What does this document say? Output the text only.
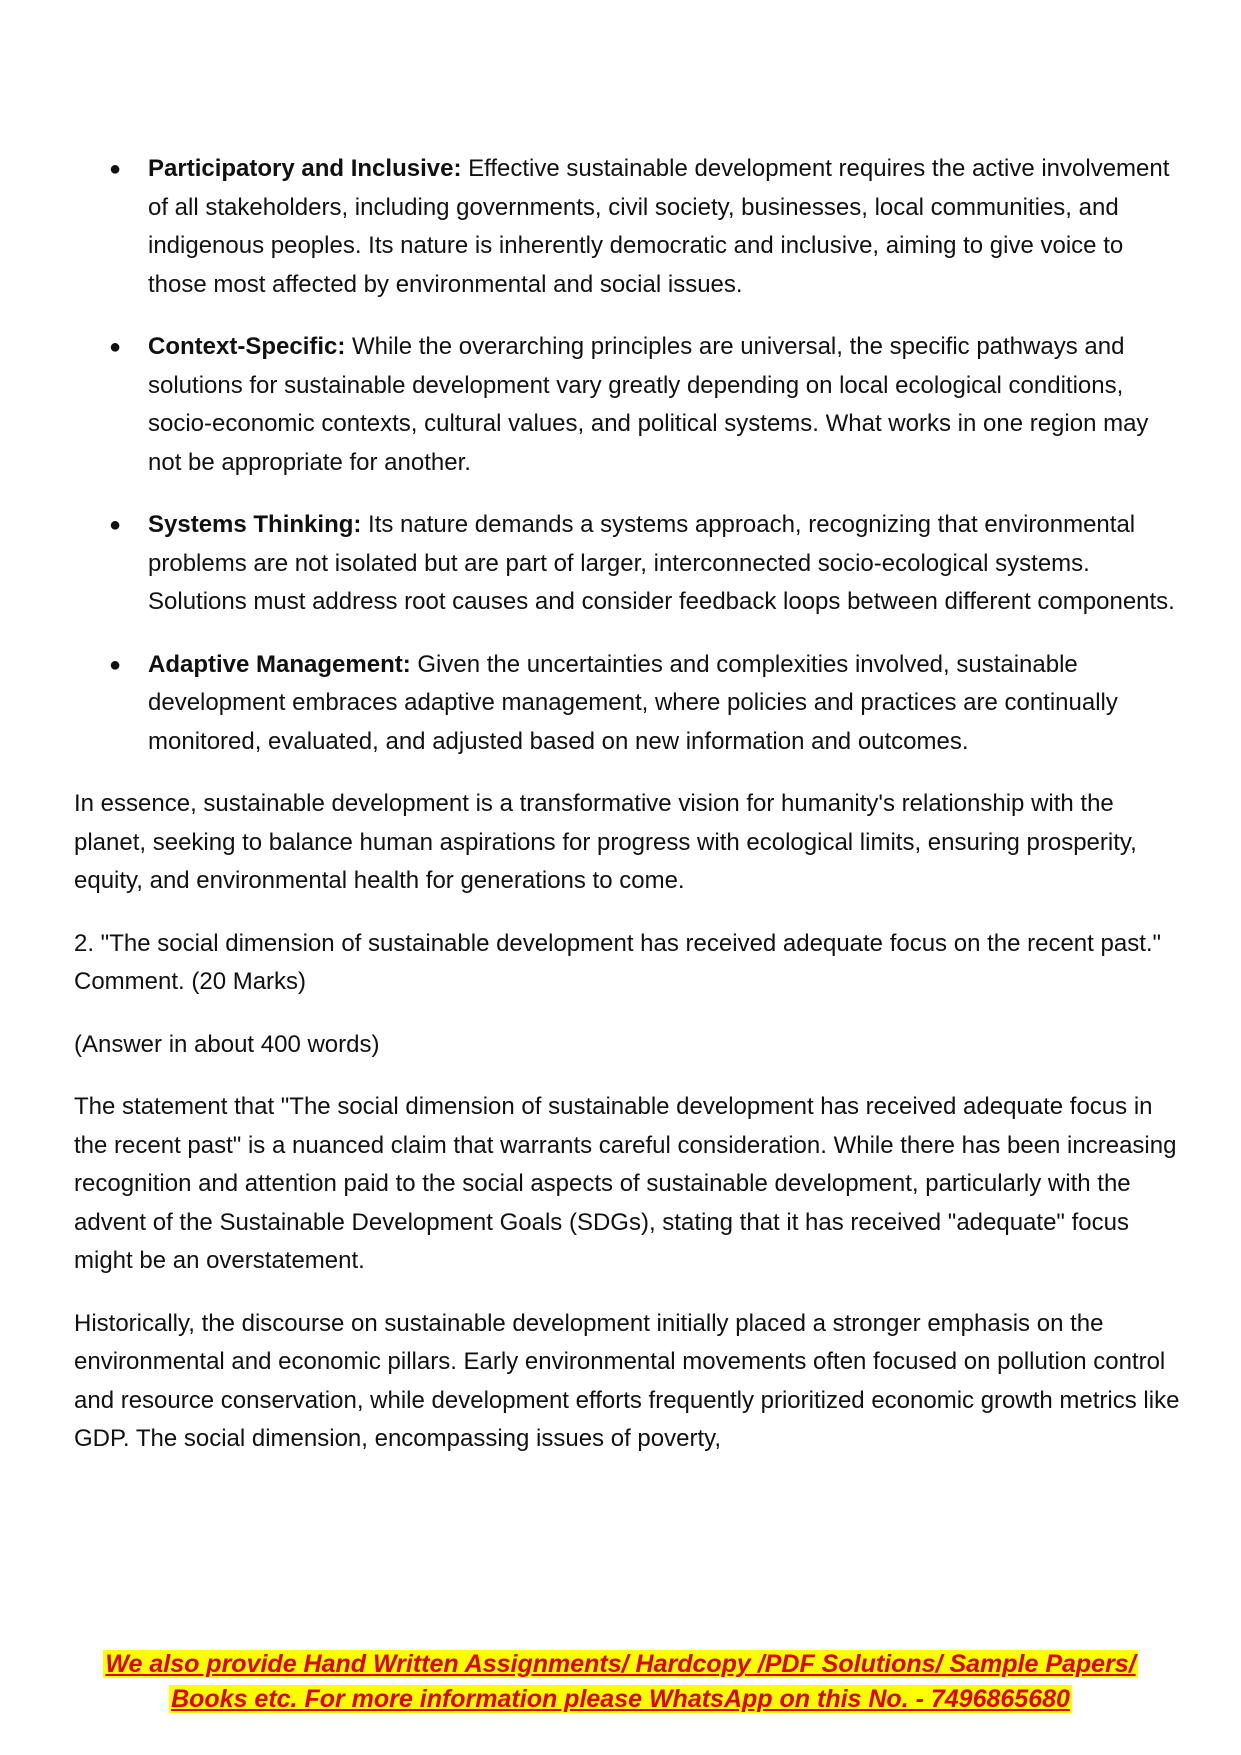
● Participatory and Inclusive: Effective sustainable development requires the active involvement of all stakeholders, including governments, civil society, businesses, local communities, and indigenous peoples. Its nature is inherently democratic and inclusive, aiming to give voice to those most affected by environmental and social issues.
● Context-Specific: While the overarching principles are universal, the specific pathways and solutions for sustainable development vary greatly depending on local ecological conditions, socio-economic contexts, cultural values, and political systems. What works in one region may not be appropriate for another.
● Systems Thinking: Its nature demands a systems approach, recognizing that environmental problems are not isolated but are part of larger, interconnected socio-ecological systems. Solutions must address root causes and consider feedback loops between different components.
● Adaptive Management: Given the uncertainties and complexities involved, sustainable development embraces adaptive management, where policies and practices are continually monitored, evaluated, and adjusted based on new information and outcomes.

In essence, sustainable development is a transformative vision for humanity's relationship with the planet, seeking to balance human aspirations for progress with ecological limits, ensuring prosperity, equity, and environmental health for generations to come.

2. "The social dimension of sustainable development has received adequate focus on the recent past." Comment. (20 Marks)

(Answer in about 400 words)

The statement that "The social dimension of sustainable development has received adequate focus in the recent past" is a nuanced claim that warrants careful consideration. While there has been increasing recognition and attention paid to the social aspects of sustainable development, particularly with the advent of the Sustainable Development Goals (SDGs), stating that it has received "adequate" focus might be an overstatement.

Historically, the discourse on sustainable development initially placed a stronger emphasis on the environmental and economic pillars. Early environmental movements often focused on pollution control and resource conservation, while development efforts frequently prioritized economic growth metrics like GDP. The social dimension, encompassing issues of poverty,

We also provide Hand Written Assignments/ Hardcopy /PDF Solutions/ Sample Papers/
Books etc. For more information please WhatsApp on this No. - 7496865680
